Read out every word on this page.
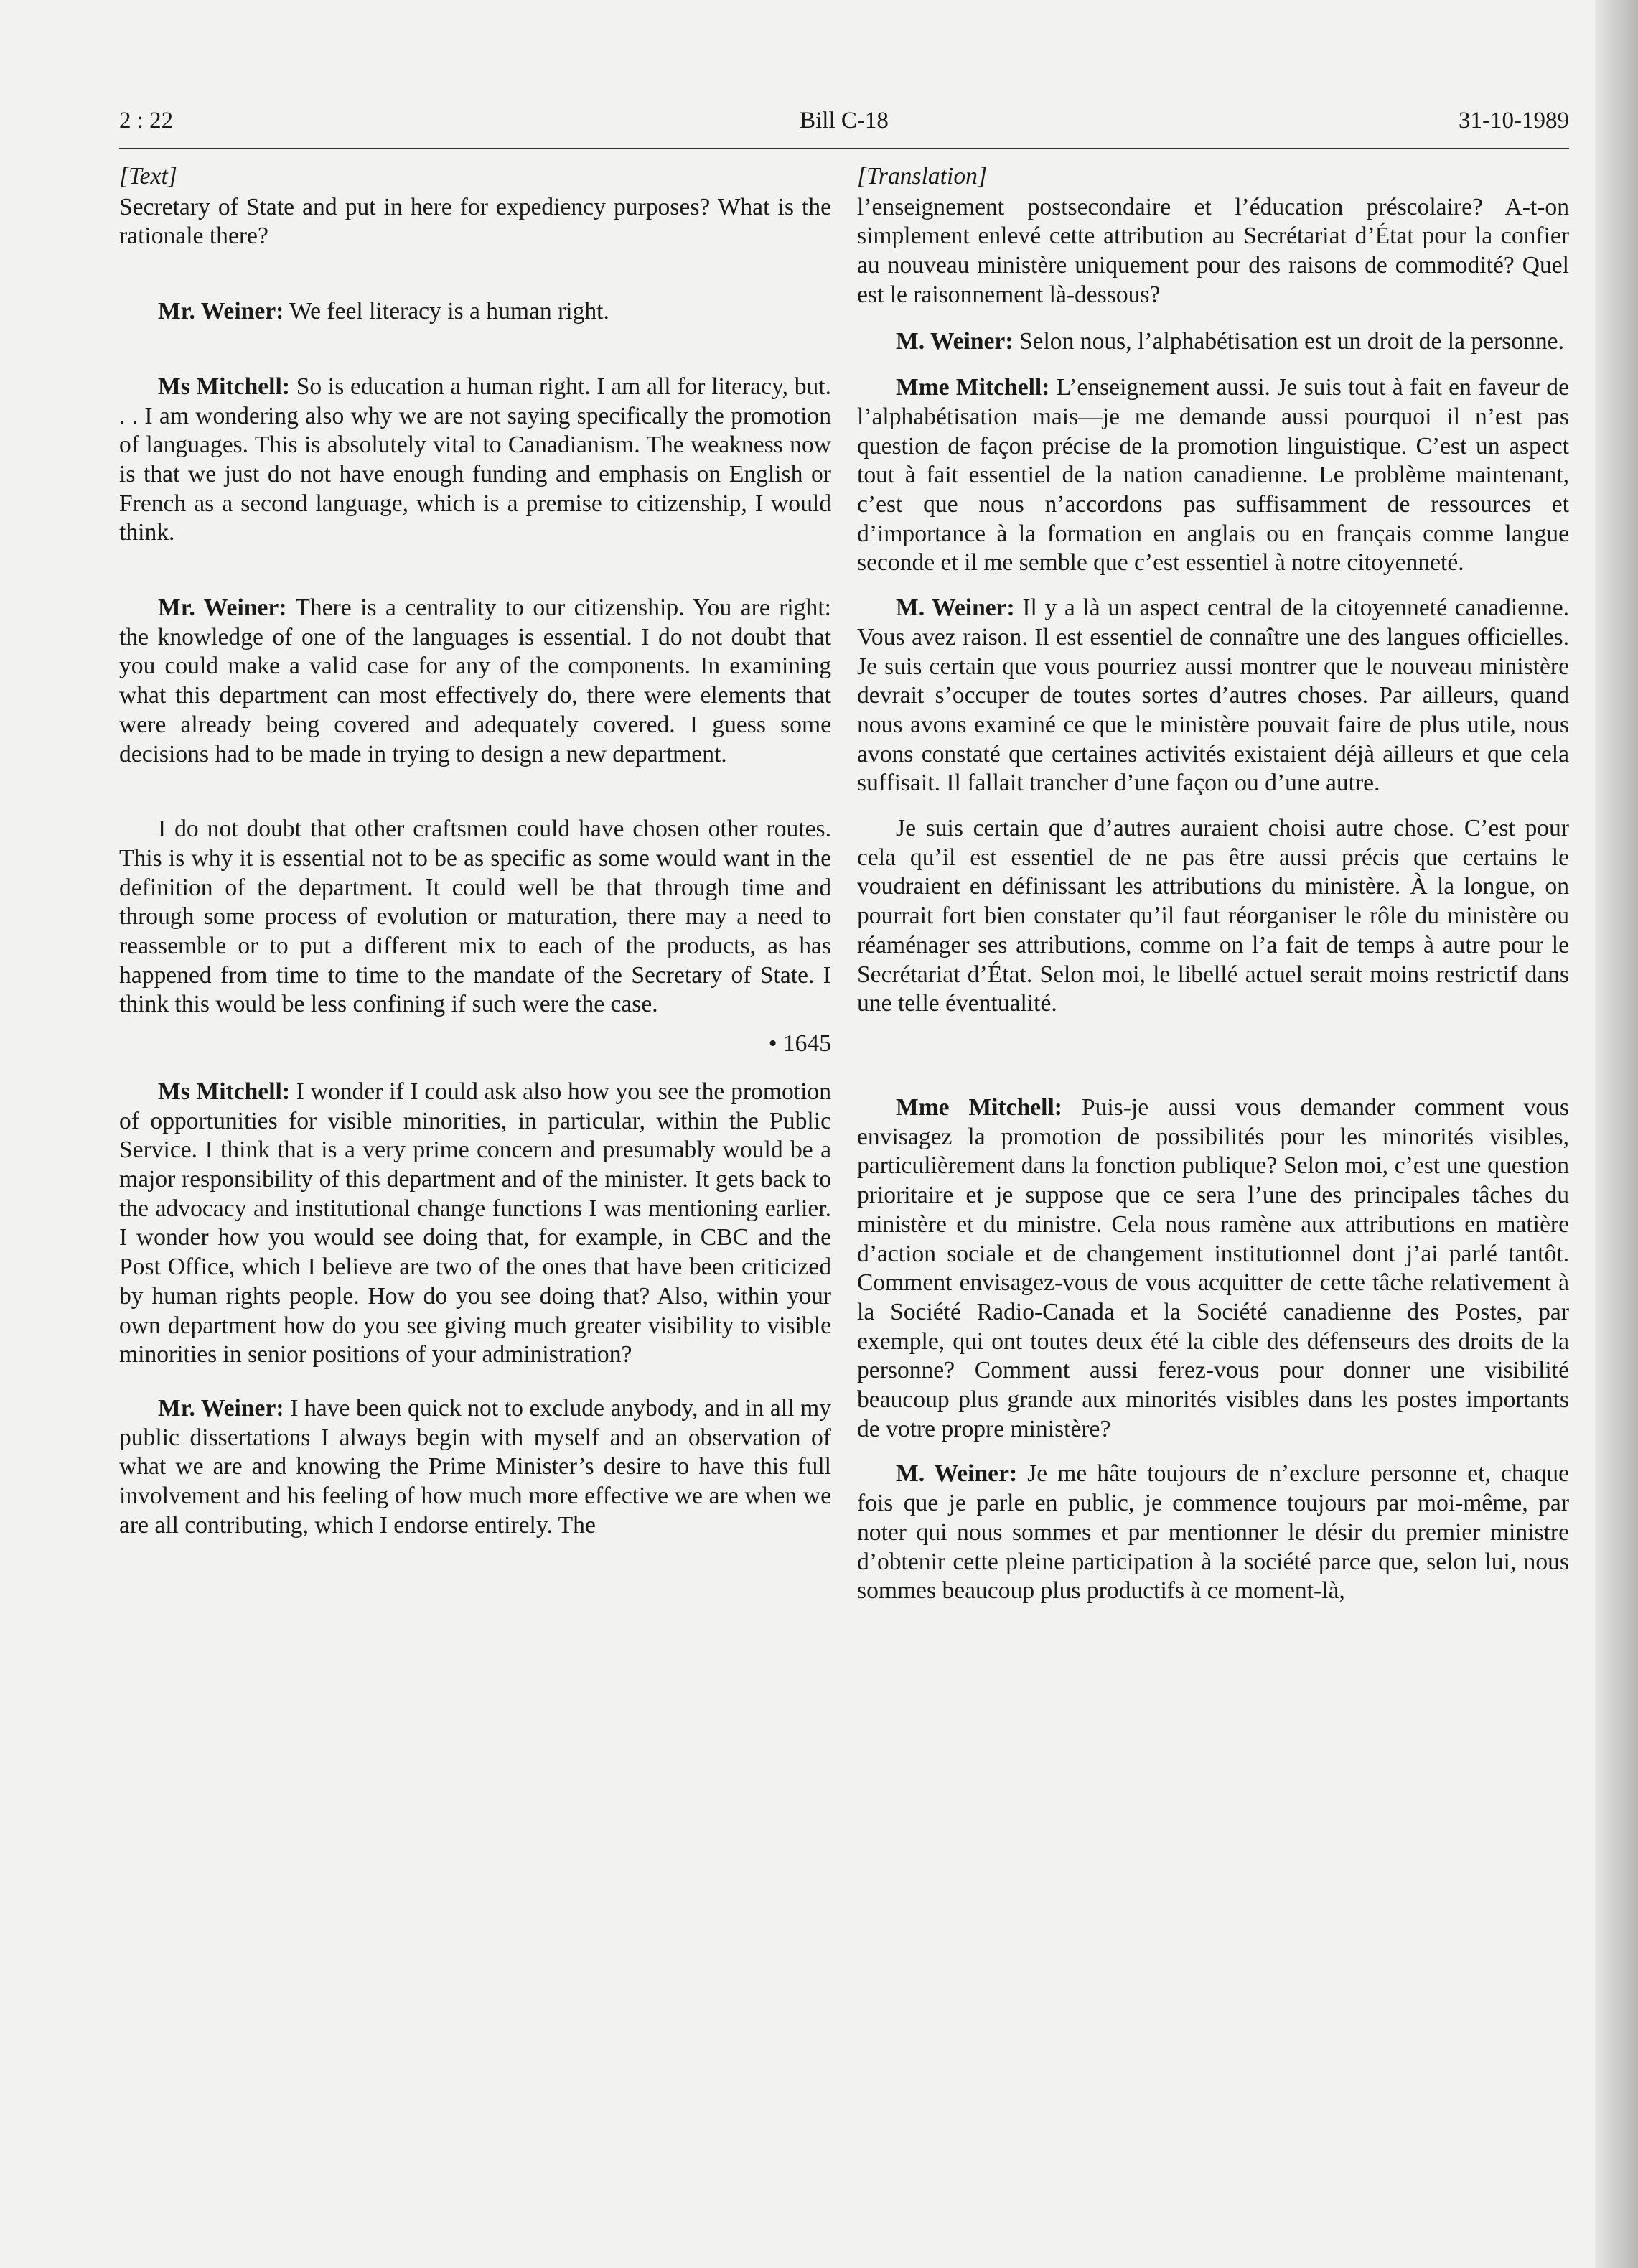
Bill C-18
2 : 22	31-10-1989
[Text]

Secretary of State and put in here for expediency purposes? What is the rationale there?

Mr. Weiner: We feel literacy is a human right.

Ms Mitchell: So is education a human right. I am all for literacy, but. . . I am wondering also why we are not saying specifically the promotion of languages. This is absolutely vital to Canadianism. The weakness now is that we just do not have enough funding and emphasis on English or French as a second language, which is a premise to citizenship, I would think.

Mr. Weiner: There is a centrality to our citizenship. You are right: the knowledge of one of the languages is essential. I do not doubt that you could make a valid case for any of the components. In examining what this department can most effectively do, there were elements that were already being covered and adequately covered. I guess some decisions had to be made in trying to design a new department.

I do not doubt that other craftsmen could have chosen other routes. This is why it is essential not to be as specific as some would want in the definition of the department. It could well be that through time and through some process of evolution or maturation, there may a need to reassemble or to put a different mix to each of the products, as has happened from time to time to the mandate of the Secretary of State. I think this would be less confining if such were the case.

• 1645

Ms Mitchell: I wonder if I could ask also how you see the promotion of opportunities for visible minorities, in particular, within the Public Service. I think that is a very prime concern and presumably would be a major responsibility of this department and of the minister. It gets back to the advocacy and institutional change functions I was mentioning earlier. I wonder how you would see doing that, for example, in CBC and the Post Office, which I believe are two of the ones that have been criticized by human rights people. How do you see doing that? Also, within your own department how do you see giving much greater visibility to visible minorities in senior positions of your administration?

Mr. Weiner: I have been quick not to exclude anybody, and in all my public dissertations I always begin with myself and an observation of what we are and knowing the Prime Minister’s desire to have this full involvement and his feeling of how much more effective we are when we are all contributing, which I endorse entirely. The

[Translation]

l’enseignement postsecondaire et l’éducation préscolaire? A-t-on simplement enlevé cette attribution au Secrétariat d’État pour la confier au nouveau ministère uniquement pour des raisons de commodité? Quel est le raisonnement là-dessous?

M. Weiner: Selon nous, l’alphabétisation est un droit de la personne.

Mme Mitchell: L’enseignement aussi. Je suis tout à fait en faveur de l’alphabétisation mais—je me demande aussi pourquoi il n’est pas question de façon précise de la promotion linguistique. C’est un aspect tout à fait essentiel de la nation canadienne. Le problème maintenant, c’est que nous n’accordons pas suffisamment de ressources et d’importance à la formation en anglais ou en français comme langue seconde et il me semble que c’est essentiel à notre citoyenneté.

M. Weiner: Il y a là un aspect central de la citoyenneté canadienne. Vous avez raison. Il est essentiel de connaître une des langues officielles. Je suis certain que vous pourriez aussi montrer que le nouveau ministère devrait s’occuper de toutes sortes d’autres choses. Par ailleurs, quand nous avons examiné ce que le ministère pouvait faire de plus utile, nous avons constaté que certaines activités existaient déjà ailleurs et que cela suffisait. Il fallait trancher d’une façon ou d’une autre.

Je suis certain que d’autres auraient choisi autre chose. C’est pour cela qu’il est essentiel de ne pas être aussi précis que certains le voudraient en définissant les attributions du ministère. À la longue, on pourrait fort bien constater qu’il faut réorganiser le rôle du ministère ou réaménager ses attributions, comme on l’a fait de temps à autre pour le Secrétariat d’État. Selon moi, le libellé actuel serait moins restrictif dans une telle éventualité.

Mme Mitchell: Puis-je aussi vous demander comment vous envisagez la promotion de possibilités pour les minorités visibles, particulièrement dans la fonction publique? Selon moi, c’est une question prioritaire et je suppose que ce sera l’une des principales tâches du ministère et du ministre. Cela nous ramène aux attributions en matière d’action sociale et de changement institutionnel dont j’ai parlé tantôt. Comment envisagez-vous de vous acquitter de cette tâche relativement à la Société Radio-Canada et la Société canadienne des Postes, par exemple, qui ont toutes deux été la cible des défenseurs des droits de la personne? Comment aussi ferez-vous pour donner une visibilité beaucoup plus grande aux minorités visibles dans les postes importants de votre propre ministère?

M. Weiner: Je me hâte toujours de n’exclure personne et, chaque fois que je parle en public, je commence toujours par moi-même, par noter qui nous sommes et par mentionner le désir du premier ministre d’obtenir cette pleine participation à la société parce que, selon lui, nous sommes beaucoup plus productifs à ce moment-là,
